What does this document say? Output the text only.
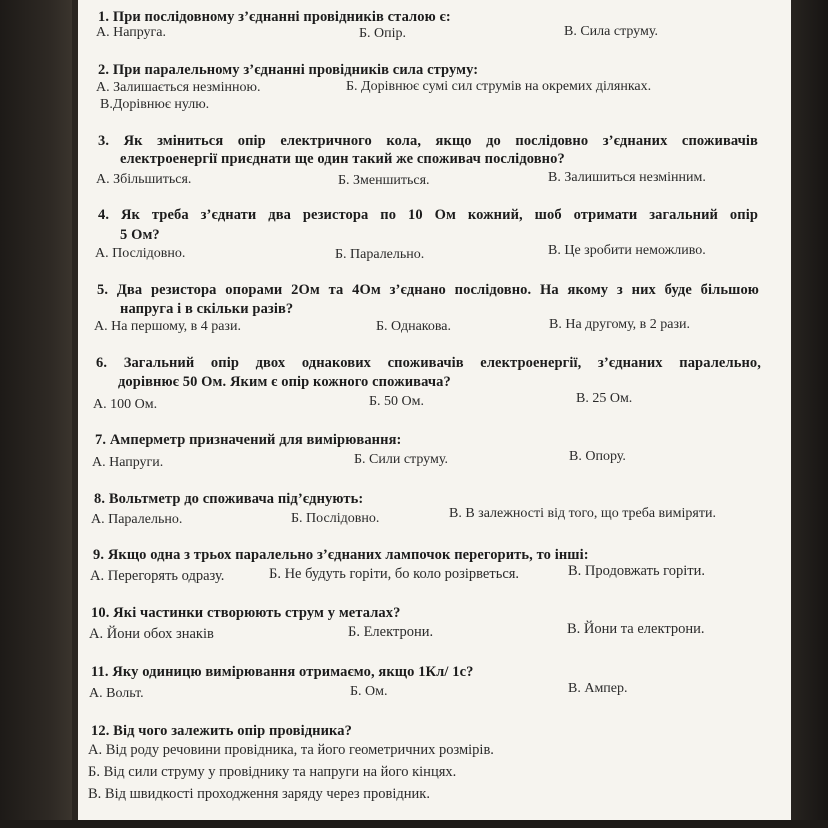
1. При послідовному з’єднанні провідників сталою є:
А. Напруга.	Б. Опір.	В. Сила струму.
2. При паралельному з’єднанні провідників сила струму:
А. Залишається незмінною.	Б. Дорівнює сумі сил струмів на окремих ділянках.
В.Дорівнює нулю.
3. Як зміниться опір електричного кола, якщо до послідовно з’єднаних споживачів
електроенергії приєднати ще один такий же споживач послідовно?
А. Збільшиться.	Б. Зменшиться.	В. Залишиться незмінним.
4. Як треба з’єднати два резистора по 10 Ом кожний, шоб отримати загальний опір
5 Ом?
А. Послідовно.	Б. Паралельно.	В. Це зробити неможливо.
5. Два резистора опорами 2Ом та 4Ом з’єднано послідовно. На якому з них буде більшою
напруга і в скільки разів?
А. На першому, в 4 рази.	Б. Однакова.	В. На другому, в 2 рази.
6. Загальний опір двох однакових споживачів електроенергії, з’єднаних паралельно,
дорівнює 50 Ом. Яким є опір кожного споживача?
А. 100 Ом.	Б. 50 Ом.	В. 25 Ом.
7. Амперметр призначений для вимірювання:
А. Напруги.	Б. Сили струму.	В. Опору.
8. Вольтметр до споживача під’єднують:
А. Паралельно.	Б. Послідовно.	В. В залежності від того, що треба виміряти.
9. Якщо одна з трьох паралельно з’єднаних лампочок перегорить, то інші:
А. Перегорять одразу.	Б. Не будуть горіти, бо коло розірветься.	В. Продовжать горіти.
10. Які частинки створюють струм у металах?
А. Йони обох знаків	Б. Електрони.	В. Йони та електрони.
11. Яку одиницю вимірювання отримаємо, якщо 1Кл/ 1с?
А. Вольт.	Б. Ом.	В. Ампер.
12. Від чого залежить опір провідника?
А. Від роду речовини провідника, та його геометричних розмірів.
Б. Від сили струму у провіднику та напруги на його кінцях.
В. Від швидкості проходження заряду через провідник.
